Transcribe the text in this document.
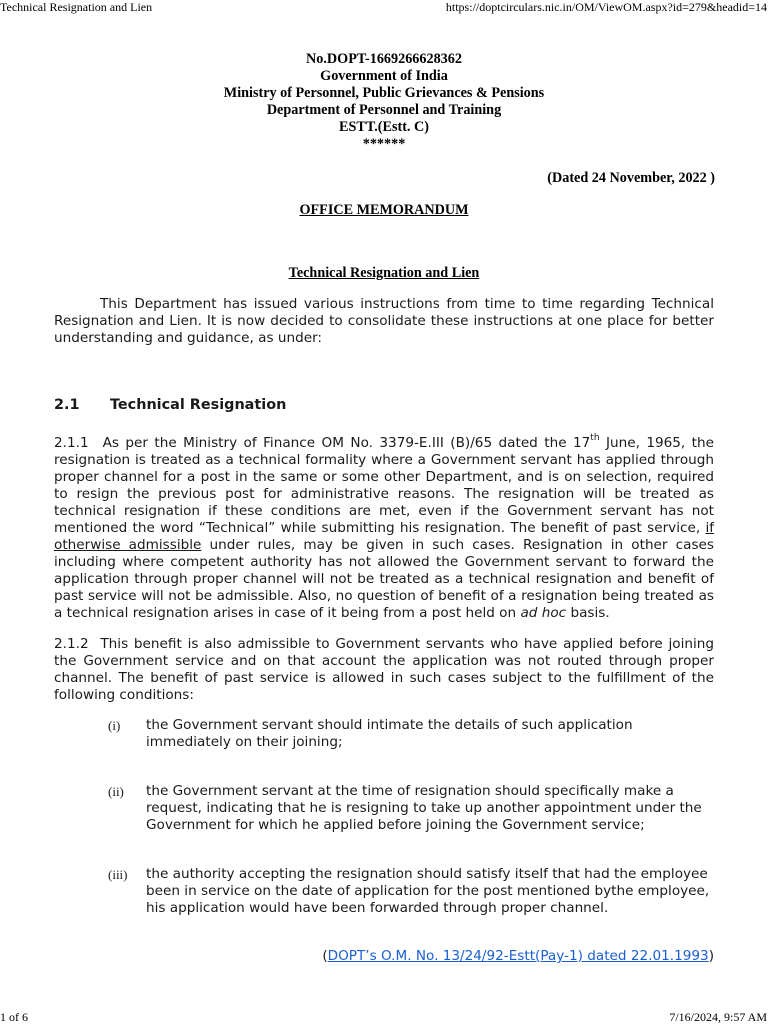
Technical Resignation and Lien	https://doptcirculars.nic.in/OM/ViewOM.aspx?id=279&headid=14
No.DOPT-1669266628362
Government of India
Ministry of Personnel, Public Grievances & Pensions
Department of Personnel and Training
ESTT.(Estt. C)
******
(Dated 24 November, 2022 )
OFFICE MEMORANDUM
Technical Resignation and Lien
This Department has issued various instructions from time to time regarding Technical Resignation and Lien. It is now decided to consolidate these instructions at one place for better understanding and guidance, as under:
2.1 Technical Resignation
2.1.1 As per the Ministry of Finance OM No. 3379-E.III (B)/65 dated the 17th June, 1965, the resignation is treated as a technical formality where a Government servant has applied through proper channel for a post in the same or some other Department, and is on selection, required to resign the previous post for administrative reasons. The resignation will be treated as technical resignation if these conditions are met, even if the Government servant has not mentioned the word “Technical” while submitting his resignation. The benefit of past service, if otherwise admissible under rules, may be given in such cases. Resignation in other cases including where competent authority has not allowed the Government servant to forward the application through proper channel will not be treated as a technical resignation and benefit of past service will not be admissible. Also, no question of benefit of a resignation being treated as a technical resignation arises in case of it being from a post held on ad hoc basis.
2.1.2 This benefit is also admissible to Government servants who have applied before joining the Government service and on that account the application was not routed through proper channel. The benefit of past service is allowed in such cases subject to the fulfillment of the following conditions:
(i) the Government servant should intimate the details of such application immediately on their joining;
(ii) the Government servant at the time of resignation should specifically make a request, indicating that he is resigning to take up another appointment under the Government for which he applied before joining the Government service;
(iii) the authority accepting the resignation should satisfy itself that had the employee been in service on the date of application for the post mentioned bythe employee, his application would have been forwarded through proper channel.
(DOPT’s O.M. No. 13/24/92-Estt(Pay-1) dated 22.01.1993)
1 of 6	7/16/2024, 9:57 AM
